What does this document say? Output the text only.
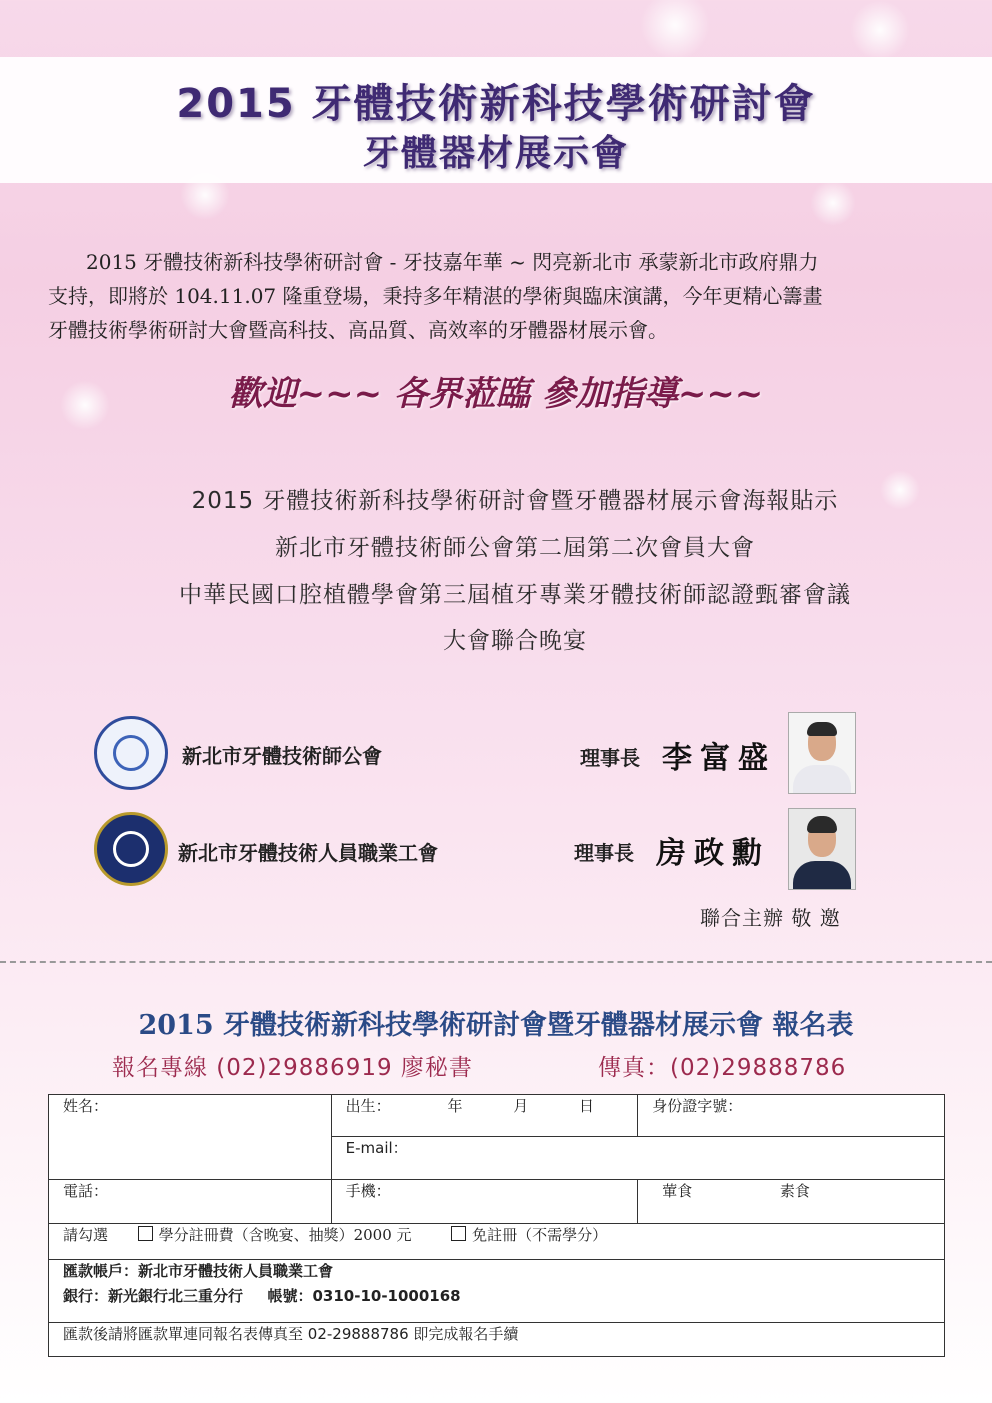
2015 牙體技術新科技學術研討會
牙體器材展示會

2015 牙體技術新科技學術研討會 - 牙技嘉年華 ~ 閃亮新北市 承蒙新北市政府鼎力

支持，即將於 104.11.07 隆重登場，秉持多年精湛的學術與臨床演講，今年更精心籌畫

牙體技術學術研討大會暨高科技、高品質、高效率的牙體器材展示會。

歡迎~~~ 各界蒞臨 參加指導~~~
2015 牙體技術新科技學術研討會暨牙體器材展示會海報貼示
新北市牙體技術師公會第二屆第二次會員大會
中華民國口腔植體學會第三屆植牙專業牙體技術師認證甄審會議
大會聯合晚宴
新北市牙體技術師公會	理事長 李富盛
新北市牙體技術人員職業工會	理事長 房政勳
聯合主辦 敬 邀
2015 牙體技術新科技學術研討會暨牙體器材展示會 報名表
報名專線 (02)29886919 廖秘書	傳真：(02)29888786
姓名：	出生： 年 月 日	身份證字號：
	E-mail：	
電話：	手機：	葷食 素食
請勾選 學分註冊費（含晚宴、抽獎）2000 元 免註冊（不需學分）		

匯款帳戶：新北市牙體技術人員職業工會
銀行：新光銀行北三重分行 帳號：0310-10-1000168		

匯款後請將匯款單連同報名表傳真至 02-29888786 即完成報名手續		
